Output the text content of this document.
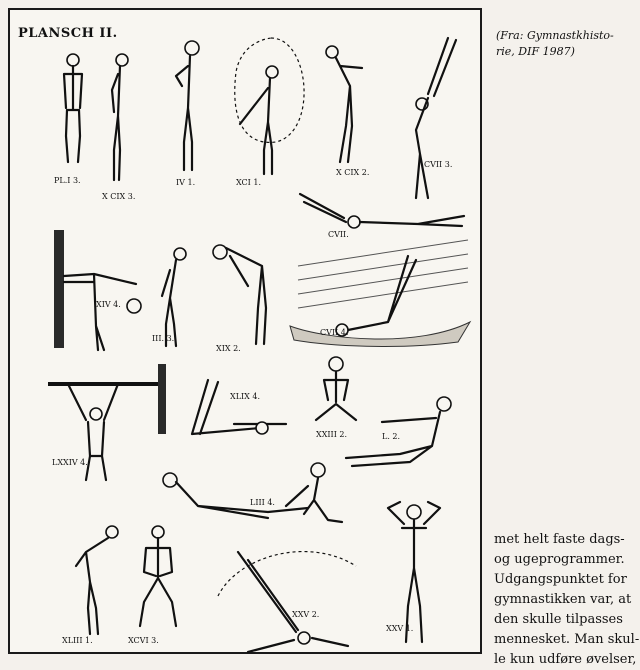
PLANSCH II.
PL.I 3.
X CIX 3.
IV 1.	XCI 1.
X CIX 2.
CVII 3.
CVII.
XIV 4.
III. 3.
XIX 2.
CVII 4.
LXXIV 4.
XLIX 4.
XXIII 2.	L. 2.
LIII 4.
XLIII 1.	XCVI 3.
XXV 2.
XXV 1.
(Fra: Gymnastkhisto-
rie, DIF 1987)
met helt faste dags-
og ugeprogrammer.
Udgangspunktet for
gymnastikken var, at
den skulle tilpasses
mennesket. Man skul-
le kun udføre øvelser,
